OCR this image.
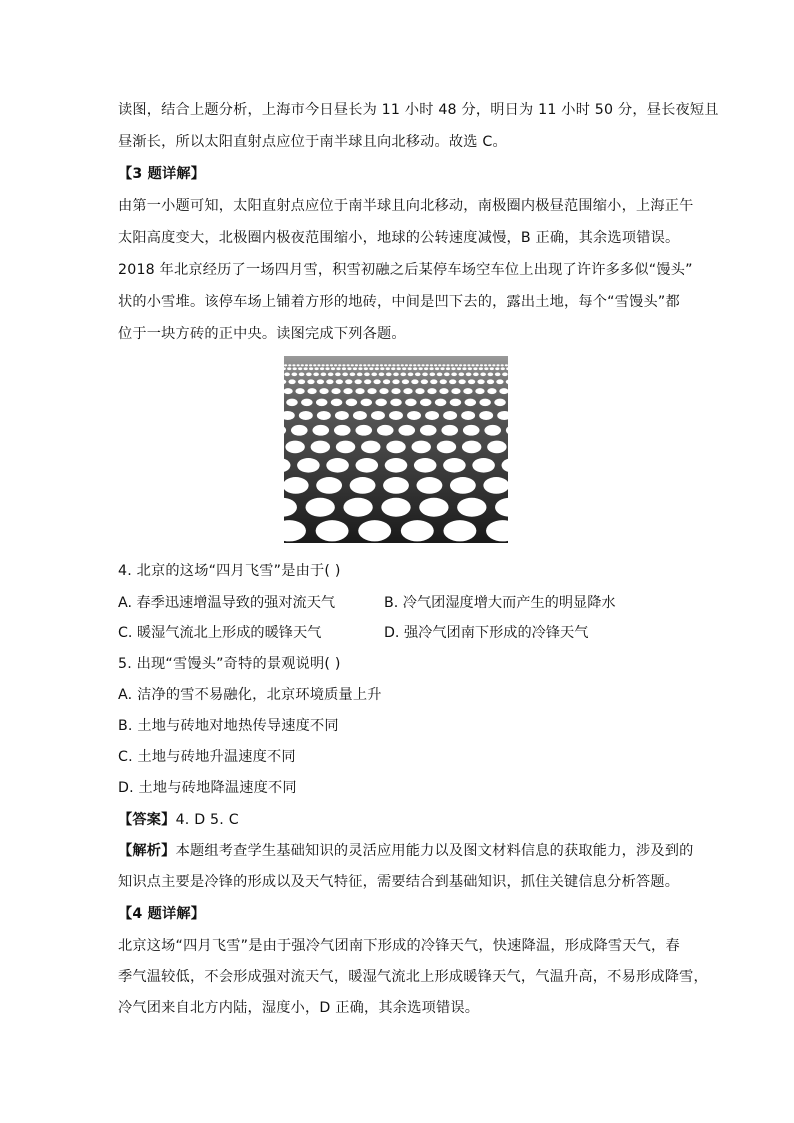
读图，结合上题分析，上海市今日昼长为 11 小时 48 分，明日为 11 小时 50 分，昼长夜短且
昼渐长，所以太阳直射点应位于南半球且向北移动。故选 C。
【3 题详解】
由第一小题可知，太阳直射点应位于南半球且向北移动，南极圈内极昼范围缩小，上海正午
太阳高度变大，北极圈内极夜范围缩小，地球的公转速度减慢，B 正确，其余选项错误。
2018 年北京经历了一场四月雪，积雪初融之后某停车场空车位上出现了许许多多似“馒头”
状的小雪堆。该停车场上铺着方形的地砖，中间是凹下去的，露出土地，每个“雪馒头”都
位于一块方砖的正中央。读图完成下列各题。
4. 北京的这场“四月飞雪”是由于( )
A. 春季迅速增温导致的强对流天气	B. 冷气团湿度增大而产生的明显降水
C. 暖湿气流北上形成的暖锋天气	D. 强冷气团南下形成的冷锋天气
5. 出现“雪馒头”奇特的景观说明( )
A. 洁净的雪不易融化，北京环境质量上升
B. 土地与砖地对地热传导速度不同
C. 土地与砖地升温速度不同
D. 土地与砖地降温速度不同
【答案】4. D 5. C
【解析】本题组考查学生基础知识的灵活应用能力以及图文材料信息的获取能力，涉及到的
知识点主要是冷锋的形成以及天气特征，需要结合到基础知识，抓住关键信息分析答题。
【4 题详解】
北京这场“四月飞雪”是由于强冷气团南下形成的冷锋天气，快速降温，形成降雪天气，春
季气温较低，不会形成强对流天气，暖湿气流北上形成暖锋天气，气温升高，不易形成降雪，
冷气团来自北方内陆，湿度小，D 正确，其余选项错误。
